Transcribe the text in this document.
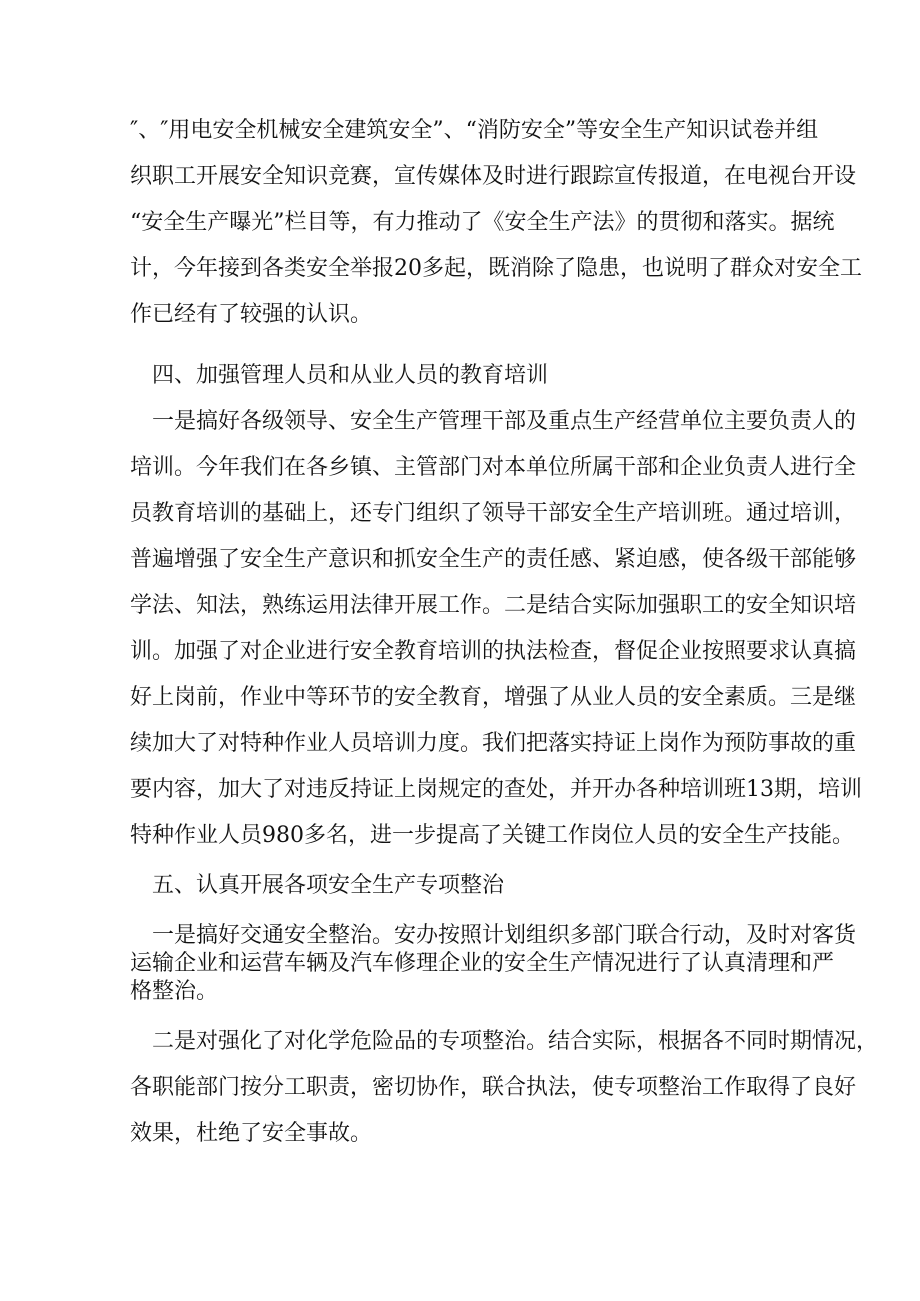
″、″用电安全机械安全建筑安全”、“消防安全”等安全生产知识试卷并组
织职工开展安全知识竞赛，宣传媒体及时进行跟踪宣传报道，在电视台开设
“安全生产曝光”栏目等，有力推动了《安全生产法》的贯彻和落实。据统
计，今年接到各类安全举报20多起，既消除了隐患，也说明了群众对安全工
作已经有了较强的认识。
四、加强管理人员和从业人员的教育培训
一是搞好各级领导、安全生产管理干部及重点生产经营单位主要负责人的
培训。今年我们在各乡镇、主管部门对本单位所属干部和企业负责人进行全
员教育培训的基础上，还专门组织了领导干部安全生产培训班。通过培训，
普遍增强了安全生产意识和抓安全生产的责任感、紧迫感，使各级干部能够
学法、知法，熟练运用法律开展工作。二是结合实际加强职工的安全知识培
训。加强了对企业进行安全教育培训的执法检查，督促企业按照要求认真搞
好上岗前，作业中等环节的安全教育，增强了从业人员的安全素质。三是继
续加大了对特种作业人员培训力度。我们把落实持证上岗作为预防事故的重
要内容，加大了对违反持证上岗规定的查处，并开办各种培训班13期，培训
特种作业人员980多名，进一步提高了关键工作岗位人员的安全生产技能。
五、认真开展各项安全生产专项整治
一是搞好交通安全整治。安办按照计划组织多部门联合行动，及时对客货
运输企业和运营车辆及汽车修理企业的安全生产情况进行了认真清理和严
格整治。
二是对强化了对化学危险品的专项整治。结合实际，根据各不同时期情况，
各职能部门按分工职责，密切协作，联合执法，使专项整治工作取得了良好
效果，杜绝了安全事故。
